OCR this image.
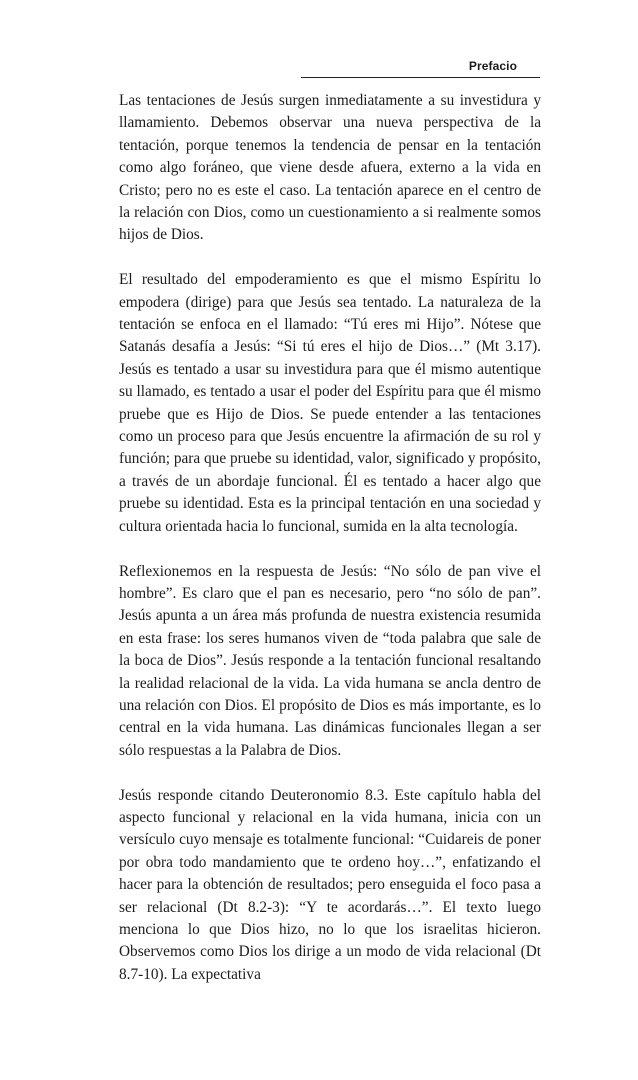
Prefacio

Las tentaciones de Jesús surgen inmediatamente a su investidura y llamamiento. Debemos observar una nueva perspectiva de la tentación, porque tenemos la tendencia de pensar en la tentación como algo foráneo, que viene desde afuera, externo a la vida en Cristo; pero no es este el caso. La tentación aparece en el centro de la relación con Dios, como un cuestionamiento a si realmente somos hijos de Dios.

El resultado del empoderamiento es que el mismo Espíritu lo empodera (dirige) para que Jesús sea tentado. La naturaleza de la tentación se enfoca en el llamado: “Tú eres mi Hijo”. Nótese que Satanás desafía a Jesús: “Si tú eres el hijo de Dios…” (Mt 3.17). Jesús es tentado a usar su investidura para que él mismo autentique su llamado, es tentado a usar el poder del Espíritu para que él mismo pruebe que es Hijo de Dios. Se puede entender a las tentaciones como un proceso para que Jesús encuentre la afirmación de su rol y función; para que pruebe su identidad, valor, significado y propósito, a través de un abordaje funcional. Él es tentado a hacer algo que pruebe su identidad. Esta es la principal tentación en una sociedad y cultura orientada hacia lo funcional, sumida en la alta tecnología.

Reflexionemos en la respuesta de Jesús: “No sólo de pan vive el hombre”. Es claro que el pan es necesario, pero “no sólo de pan”. Jesús apunta a un área más profunda de nuestra existencia resumida en esta frase: los seres humanos viven de “toda palabra que sale de la boca de Dios”. Jesús responde a la tentación funcional resaltando la realidad relacional de la vida. La vida humana se ancla dentro de una relación con Dios. El propósito de Dios es más importante, es lo central en la vida humana. Las dinámicas funcionales llegan a ser sólo respuestas a la Palabra de Dios.

Jesús responde citando Deuteronomio 8.3. Este capítulo habla del aspecto funcional y relacional en la vida humana, inicia con un versículo cuyo mensaje es totalmente funcional: “Cuidareis de poner por obra todo mandamiento que te ordeno hoy…”, enfatizando el hacer para la obtención de resultados; pero enseguida el foco pasa a ser relacional (Dt 8.2-3): “Y te acordarás…”. El texto luego menciona lo que Dios hizo, no lo que los israelitas hicieron. Observemos como Dios los dirige a un modo de vida relacional (Dt 8.7-10). La expectativa
